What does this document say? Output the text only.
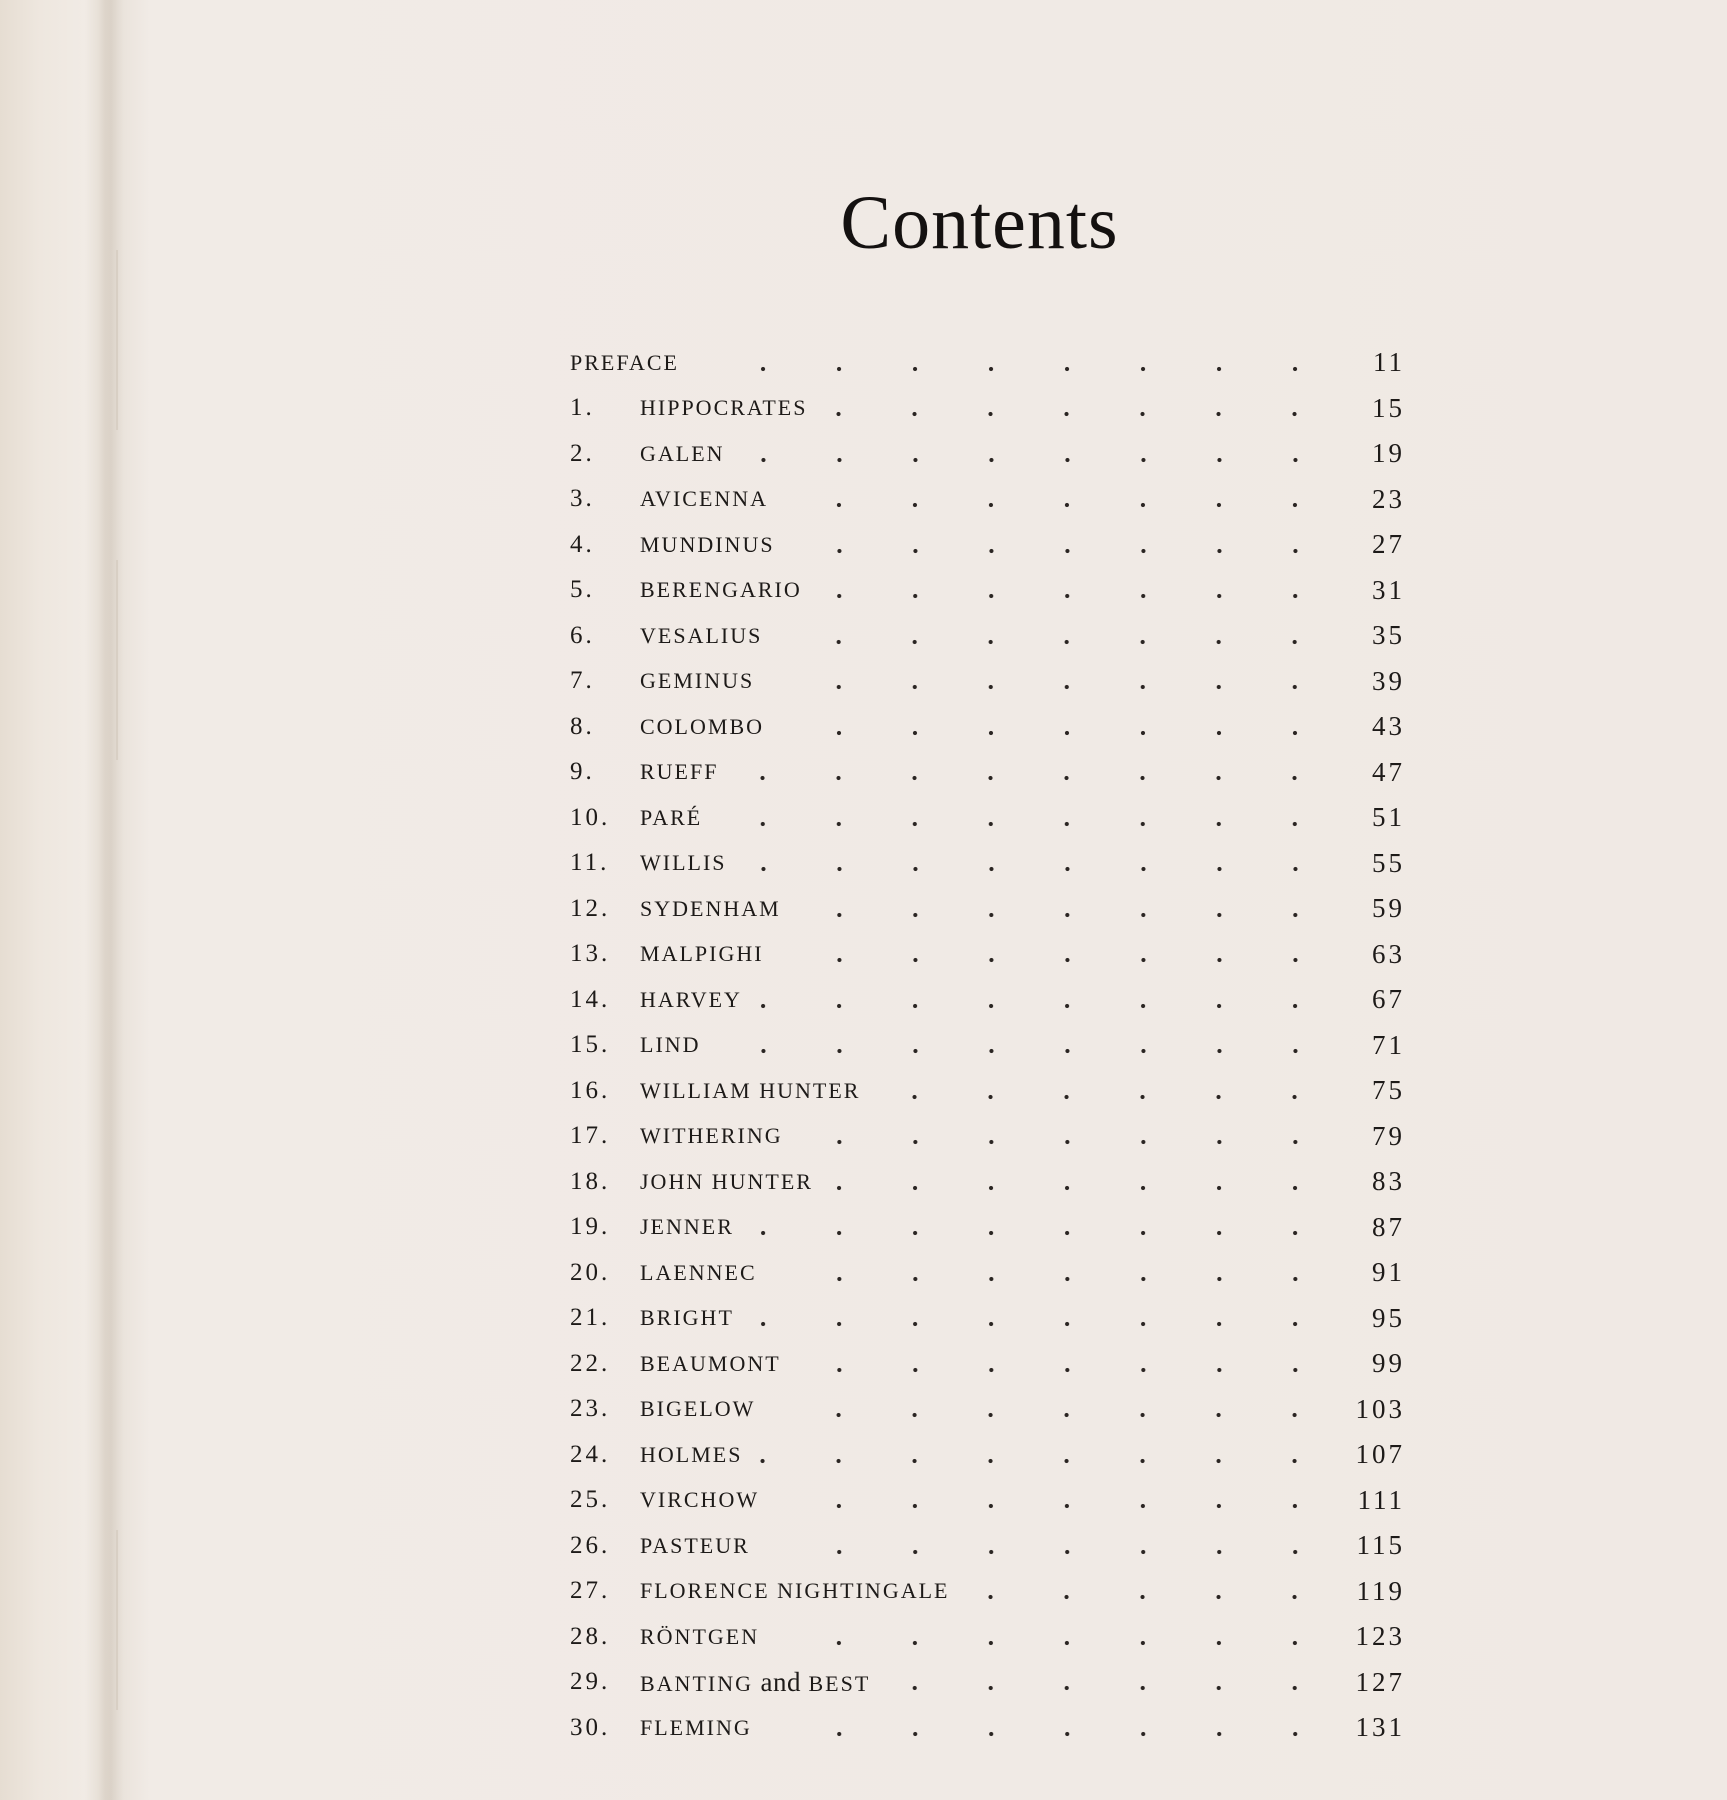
Contents
PREFACE	11
1.	HIPPOCRATES	15
2.	GALEN	19
3.	AVICENNA	23
4.	MUNDINUS	27
5.	BERENGARIO	31
6.	VESALIUS	35
7.	GEMINUS	39
8.	COLOMBO	43
9.	RUEFF	47
10.	PARÉ	51
11.	WILLIS	55
12.	SYDENHAM	59
13.	MALPIGHI	63
14.	HARVEY	67
15.	LIND	71
16.	WILLIAM HUNTER	75
17.	WITHERING	79
18.	JOHN HUNTER	83
19.	JENNER	87
20.	LAENNEC	91
21.	BRIGHT	95
22.	BEAUMONT	99
23.	BIGELOW	103
24.	HOLMES	107
25.	VIRCHOW	111
26.	PASTEUR	115
27.	FLORENCE NIGHTINGALE	119
28.	RÖNTGEN	123
29.	BANTING and BEST	127
30.	FLEMING	131
